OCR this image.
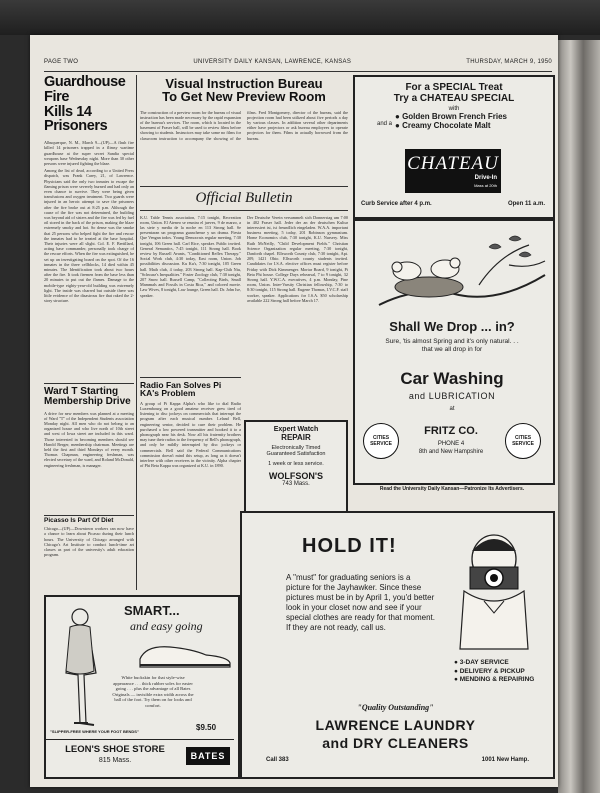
PAGE TWO	UNIVERSITY DAILY KANSAN, LAWRENCE, KANSAS	THURSDAY, MARCH 9, 1950
Guardhouse Fire
Kills 14 Prisoners
Albuquerque, N. M., March 9—(UP)—A flash fire killed 14 prisoners trapped in a flimsy wartime guardhouse at the super secret Sandia special weapons base Wednesday night. More than 30 other persons were injured fighting the blaze.
Among the list of dead, according to a United Press dispatch, was Frank Carey, 21, of Lawrence. Physicians said the only two inmates to escape the flaming prison were severely burned and had only an even chance to survive. They were being given transfusions and oxygen treatment. Two guards were injured in an heroic attempt to save the prisoners after the fire broke out at 8:25 p.m. Although the cause of the fire was not determined, the building was beyond aid of sisters and the fire was fed by fuel oil stored in the back of the prison, making the blaze extremely smoky and hot. So dense was the smoke that 25 persons who helped fight the fire and rescue the inmates had to be treated at the base hospital. Their injuries were all slight. Col. E. F. Bertillard, acting base commander, personally took charge of the rescue efforts. When the fire was extinguished, he set up an investigating board on the spot. Of the 16 inmates in the three cellblocks, 14 died within 45 minutes. The Identification took about two hours after the fire. It took firemen from the base less than 20 minutes to put out the flames. Damage to the mobile-type eighty-year-old building was extremely light. The inside was charred but outside there was little evidence of the disastrous fire that raked the 2-story structure.
Ward T Starting Membership Drive
A drive for new members was planned at a meeting of Ward "T" of the Independent Students association Monday night. All men who do not belong to an organized house and who live north of 10th street and west of Iowa street are included in this ward. Those interested in becoming members should see Harold Berger, membership chairman. Meetings are held the first and third Mondays of every month. Thomas Chapman, engineering freshman, was elected secretary of the ward, and Roland McDonald, engineering freshman, is manager.
Picasso Is Part Of Diet
Chicago—(UP)—Downtown workers can now have a chance to learn about Picasso during their lunch hours. The University of Chicago arranged with Chicago's Art Institute to conduct lunch-time art classes as part of the university's adult education program.
Visual Instruction Bureau
To Get New Preview Room
The construction of a preview room for the bureau of visual instruction has been made necessary by the rapid expansion of the bureau's services. The room, which is located in the basement of Fraser hall, will be used to review films before showing to students. Instructors may take some no films for classroom instruction to accompany the showing of the films. Fred Montgomery, director of the bureau, said the projection room had been utilized about five periods a day by various classes. In addition several other departments either have projectors or ask bureau employees to operate projectors for them. Films in actually borrowed from the bureau.
Official Bulletin
K.U. Table Tennis association, 7:15 tonight, Recreation room, Union. El Ateneo se reunira el jueves, 9 de marzo, a las siete y media de la noche en 113 Strong hall. Se presentaran un programa guanchense y un drama. Fiesta Que Vengan todos. Young Democrats regular meeting, 7:30 tonight, 106 Green hall. Carl Rice, speaker. Public invited. General Semantics, 7:45 tonight, 111 Strong hall. Book review by Russell Avants, "Conditioned Reflex Therapy." Social Work club, 4:30 today, East room, Union. Job possibilities discussion. Ku Ku's, 7:30 tonight, 105 Green hall. Math club, 4 today, 203 Strong hall. Kap-Chih Niu, "Schwarz's Inequalities." Foster Zoology club, 7:30 tonight, 207 Snow hall. Russell Camp, "Collecting Birds, Small Mammals and Fossils in Costa Rica," and colored movie. Law Wives, 8 tonight, Law lounge, Green hall. Dr. John Ise, speaker.
Radio Fan Solves Pi KA's Problem
A group of Pi Kappa Alpha's who like to dial Radio Luxembourg on a good amateur receiver grew tired of listening to disc jockeys on commercials that interrupt the program after each musical number. Leland Bell, engineering senior, decided to cure their problem. He purchased a low powered transmitter and hooked it to a phonograph near his desk. Now all his fraternity brothers may tune their radios to the frequency of Bell's phonograph, and only be mildly interrupted by disc jockeys or commercials. Bell said the Federal Communications commission doesn't mind this setup, as long as it doesn't interfere with other receivers in the vicinity. Alpha chapter of Phi Beta Kappa was organized at K.U. in 1890.
Der Deutsche Verein versammelt sich Donnerstag um 7:00 in 402 Fraser hall. Jeder der an der deutschen Kultur interessiert ist, ist freundlich eingeladen. W.A.A. important business meeting, 5 today, 201 Robinson gymnasium. Home Economics club, 7:30 tonight, K.U. Nursery. Miss Ruth McNeilly, "Child Development Fields." Christian Science Organization regular meeting, 7:30 tonight, Danforth chapel. Ellsworth County club, 7:30 tonight, Apt. 209, 1421 Ohio. Ellsworth county students invited. Candidates for I.S.A. elective offices must register before Friday with Dick Kimmenger. Mortar Board, 9 tonight, Pi Beta Phi house. College Days rehearsal, 7 to 9 tonight, 32 Strong hall. Y.W.C.A. executives, 4 p.m. Monday, Pine room, Union. Inter-Varsity Christian fellowship, 7:30 to 8:30 tonight, 115 Strong hall. Eugene Thomas, I.V.C.F. staff worker, speaker. Applications for I.S.A. $50 scholarship available 222 Strong hall before March 17.
Expert Watch
REPAIR
Electronically Timed
Guaranteed Satisfaction
1 week or less service.
WOLFSON'S
743 Mass.
SMART...
and easy going
White buckskin for that style-wise appearance . . . thick rubber soles for easier going . . . plus the advantage of all Bates Originals — invisible extra width across the ball of the foot. Try them on for looks and comfort.
"SLIPPER-FREE WHERE YOUR FOOT BENDS"	$9.50
LEON'S SHOE STORE
815 Mass.	BATES
For a SPECIAL Treat
Try a CHATEAU SPECIAL
with
● Golden Brown French Fries
and a ● Creamy Chocolate Malt
CHATEAU
Drive-In
Mass at 20th
Curb Service after 4 p.m.	Open 11 a.m.
Shall We Drop ... in?
Sure, 'tis almost Spring and it's only natural. . . that we all drop in for
Car Washing
and LUBRICATION
at
CITIES SERVICE
CITIES SERVICE
FRITZ CO.
PHONE 4
8th and New Hampshire
Read the University Daily Kansan—Patronize Its Advertisers.
HOLD IT!
A "must" for graduating seniors is a picture for the Jayhawker. Since these pictures must be in by April 1, you'd better look in your closet now and see if your special clothes are ready for that moment. If they are not ready, call us.
● 3-DAY SERVICE
● DELIVERY & PICKUP
● MENDING & REPAIRING
"Quality Outstanding"
LAWRENCE LAUNDRY
and DRY CLEANERS
Call 383	1001 New Hamp.
